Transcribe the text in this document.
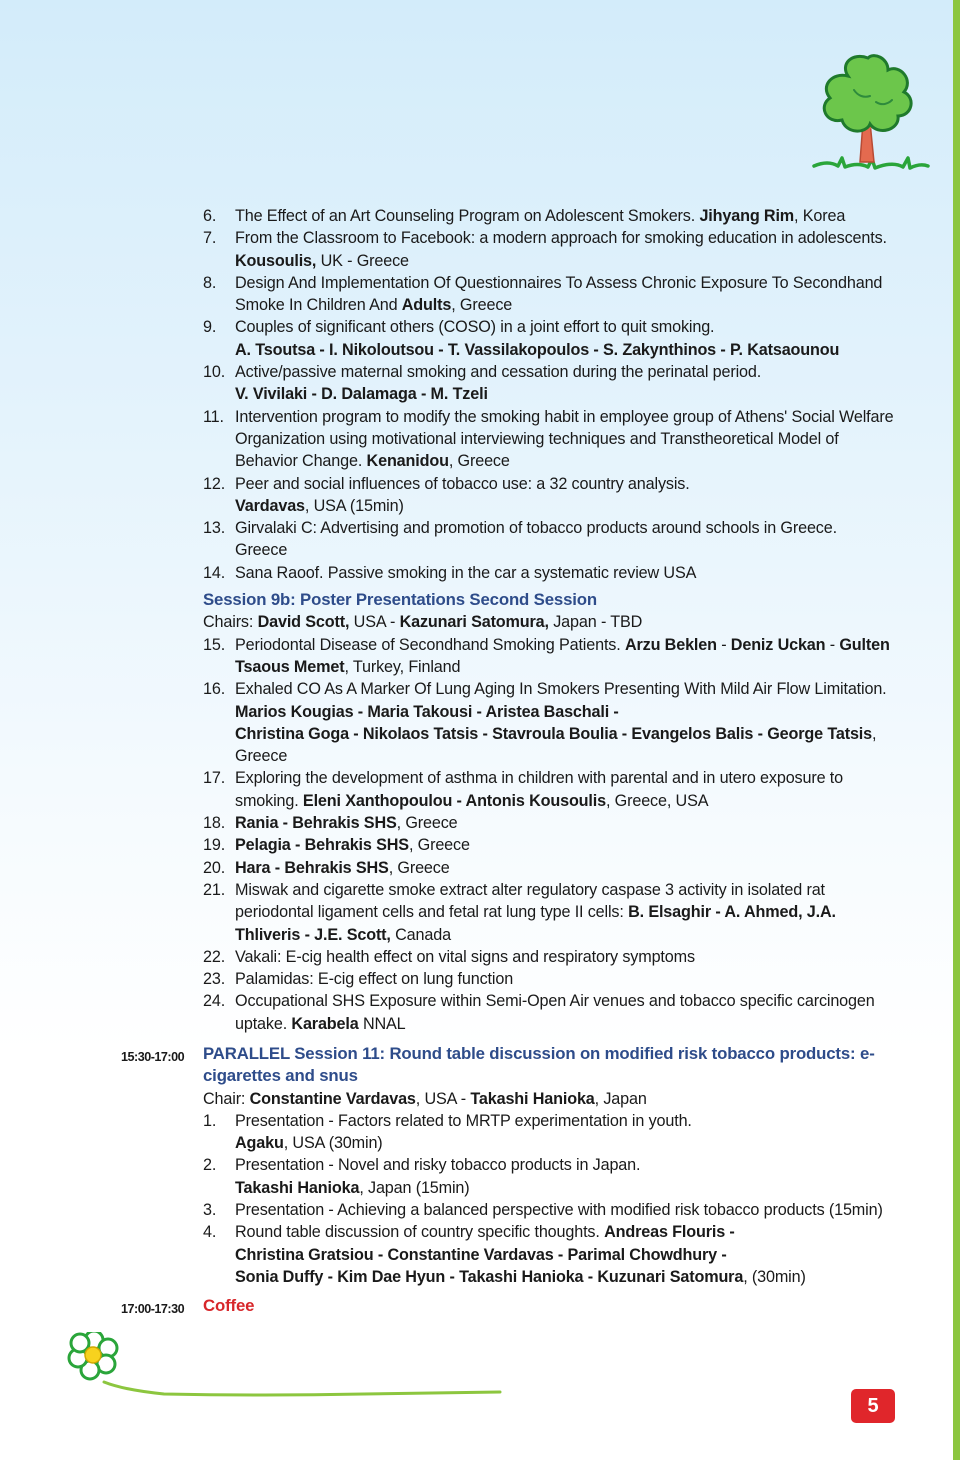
6. The Effect of an Art Counseling Program on Adolescent Smokers. Jihyang Rim, Korea
7. From the Classroom to Facebook: a modern approach for smoking education in adolescents. Kousoulis, UK - Greece
8. Design And Implementation Of Questionnaires To Assess Chronic Exposure To Secondhand Smoke In Children And Adults, Greece
9. Couples of significant others (COSO) in a joint effort to quit smoking.
A. Tsoutsa - I. Nikoloutsou - T. Vassilakopoulos - S. Zakynthinos - P. Katsaounou
10. Active/passive maternal smoking and cessation during the perinatal period.
V. Vivilaki - D. Dalamaga - M. Tzeli
11. Intervention program to modify the smoking habit in employee group of Athens' Social Welfare Organization using motivational interviewing techniques and Transtheoretical Model of Behavior Change. Kenanidou, Greece
12. Peer and social influences of tobacco use: a 32 country analysis.
Vardavas, USA (15min)
13. Girvalaki C: Advertising and promotion of tobacco products around schools in Greece.
Greece
14. Sana Raoof. Passive smoking in the car a systematic review USA
Session 9b: Poster Presentations Second Session
Chairs: David Scott, USA - Kazunari Satomura, Japan - TBD
15. Periodontal Disease of Secondhand Smoking Patients. Arzu Beklen - Deniz Uckan - Gulten Tsaous Memet, Turkey, Finland
16. Exhaled CO As A Marker Of Lung Aging In Smokers Presenting With Mild Air Flow Limitation. Marios Kougias - Maria Takousi - Aristea Baschali -
Christina Goga - Nikolaos Tatsis - Stavroula Boulia - Evangelos Balis - George Tatsis, Greece
17. Exploring the development of asthma in children with parental and in utero exposure to smoking. Eleni Xanthopoulou - Antonis Kousoulis, Greece, USA
18. Rania - Behrakis SHS, Greece
19. Pelagia - Behrakis SHS, Greece
20. Hara - Behrakis SHS, Greece
21. Miswak and cigarette smoke extract alter regulatory caspase 3 activity in isolated rat periodontal ligament cells and fetal rat lung type II cells: B. Elsaghir - A. Ahmed, J.A. Thliveris - J.E. Scott, Canada
22. Vakali: E-cig health effect on vital signs and respiratory symptoms
23. Palamidas: E-cig effect on lung function
24. Occupational SHS Exposure within Semi-Open Air venues and tobacco specific carcinogen uptake. Karabela NNAL
15:30-17:00 PARALLEL Session 11: Round table discussion on modified risk tobacco products: e-cigarettes and snus
Chair: Constantine Vardavas, USA - Takashi Hanioka, Japan
1. Presentation - Factors related to MRTP experimentation in youth.
Agaku, USA (30min)
2. Presentation - Novel and risky tobacco products in Japan.
Takashi Hanioka, Japan (15min)
3. Presentation - Achieving a balanced perspective with modified risk tobacco products (15min)
4. Round table discussion of country specific thoughts. Andreas Flouris -
Christina Gratsiou - Constantine Vardavas - Parimal Chowdhury -
Sonia Duffy - Kim Dae Hyun - Takashi Hanioka - Kuzunari Satomura, (30min)
17:00-17:30 Coffee
5
